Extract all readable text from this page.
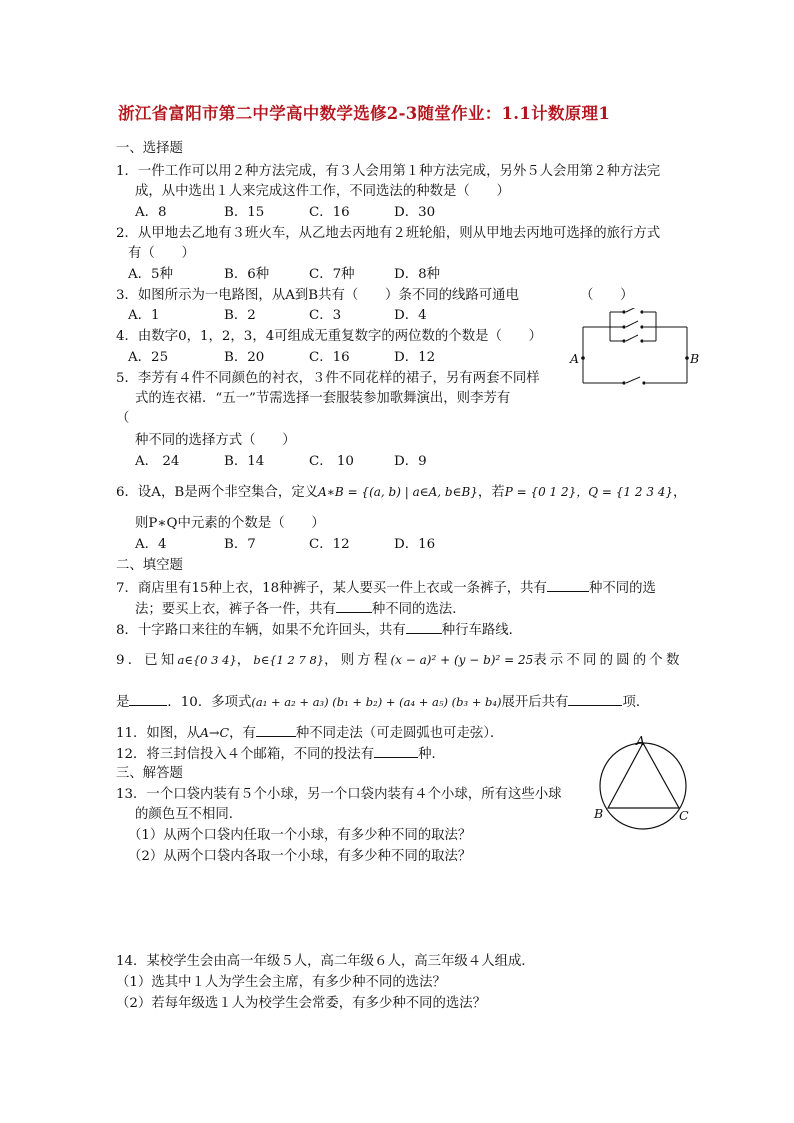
浙江省富阳市第二中学高中数学选修2-3随堂作业：1.1计数原理1
一、选择题
1．一件工作可以用２种方法完成，有３人会用第１种方法完成，另外５人会用第２种方法完
成，从中选出１人来完成这件工作，不同选法的种数是（　　）
A．8	B．15	C．16	D．30
2．从甲地去乙地有３班火车，从乙地去丙地有２班轮船，则从甲地去丙地可选择的旅行方式
有（　　）
A．5种	B．6种	C．7种	D．8种
3．如图所示为一电路图，从A到B共有（　　）条不同的线路可通电	（　　）
A．1	B．2	C．3	D．4
A	B
4．由数字0，1，2，3，4可组成无重复数字的两位数的个数是（　　）
A．25	B．20	C．16	D．12
5．李芳有４件不同颜色的衬衣，３件不同花样的裙子，另有两套不同样
式的连衣裙．“五一”节需选择一套服装参加歌舞演出，则李芳有
（
种不同的选择方式（　　）
A． 24	B．14	C． 10	D．9
6．设A，B是两个非空集合，定义A∗B = {(a, b) | a∈A, b∈B}，若P = {0 1 2}，Q = {1 2 3 4}，
则P∗Q中元素的个数是（　　）
A．4	B．7	C．12	D．16
二、填空题
7．商店里有15种上衣，18种裤子，某人要买一件上衣或一条裤子，共有	种不同的选
法；要买上衣，裤子各一件，共有	种不同的选法．
8．十字路口来往的车辆，如果不允许回头，共有	种行车路线．
9．已知a∈{0 3 4}，b∈{1 2 7 8}，则方程(x − a)² + (y − b)² = 25表示不同的圆的个数
是	．10．多项式(a₁ + a₂ + a₃) (b₁ + b₂) + (a₄ + a₅) (b₃ + b₄)展开后共有	项．
11．如图，从A→C，有	种不同走法（可走圆弧也可走弦）．
12．将三封信投入４个邮箱，不同的投法有	种．
三、解答题
A
B	C
13．一个口袋内装有５个小球，另一个口袋内装有４个小球，所有这些小球
的颜色互不相同．
（1）从两个口袋内任取一个小球，有多少种不同的取法？
（2）从两个口袋内各取一个小球，有多少种不同的取法？
14．某校学生会由高一年级５人，高二年级６人，高三年级４人组成．
（1）选其中１人为学生会主席，有多少种不同的选法？
（2）若每年级选１人为校学生会常委，有多少种不同的选法？
